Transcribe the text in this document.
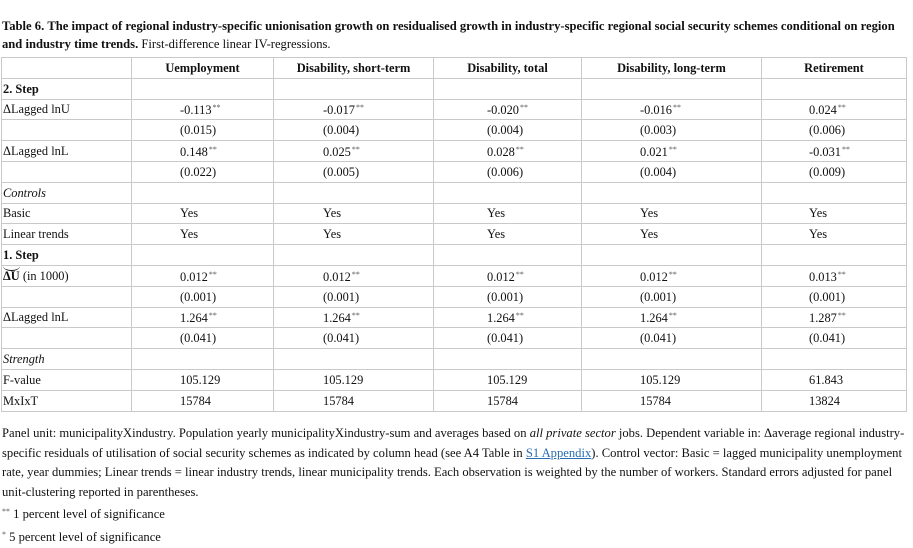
Table 6. The impact of regional industry-specific unionisation growth on residualised growth in industry-specific regional social security schemes conditional on region and industry time trends. First-difference linear IV-regressions.
	Uemployment	Disability, short-term	Disability, total	Disability, long-term	Retirement
2. Step					
ΔLagged lnU	-0.113**	-0.017**	-0.020**	-0.016**	0.024**
	(0.015)	(0.004)	(0.004)	(0.003)	(0.006)
ΔLagged lnL	0.148**	0.025**	0.028**	0.021**	-0.031**
	(0.022)	(0.005)	(0.006)	(0.004)	(0.009)
Controls					
Basic	Yes	Yes	Yes	Yes	Yes
Linear trends	Yes	Yes	Yes	Yes	Yes
1. Step					
ΔU (in 1000)	0.012**	0.012**	0.012**	0.012**	0.013**
	(0.001)	(0.001)	(0.001)	(0.001)	(0.001)
ΔLagged lnL	1.264**	1.264**	1.264**	1.264**	1.287**
	(0.041)	(0.041)	(0.041)	(0.041)	(0.041)
Strength					
F-value	105.129	105.129	105.129	105.129	61.843
MxIxT	15784	15784	15784	15784	13824
Panel unit: municipalityXindustry. Population yearly municipalityXindustry-sum and averages based on all private sector jobs. Dependent variable in: Δaverage regional industry-specific residuals of utilisation of social security schemes as indicated by column head (see A4 Table in S1 Appendix). Control vector: Basic = lagged municipality unemployment rate, year dummies; Linear trends = linear industry trends, linear municipality trends. Each observation is weighted by the number of workers. Standard errors adjusted for panel unit-clustering reported in parentheses.
** 1 percent level of significance
* 5 percent level of significance
